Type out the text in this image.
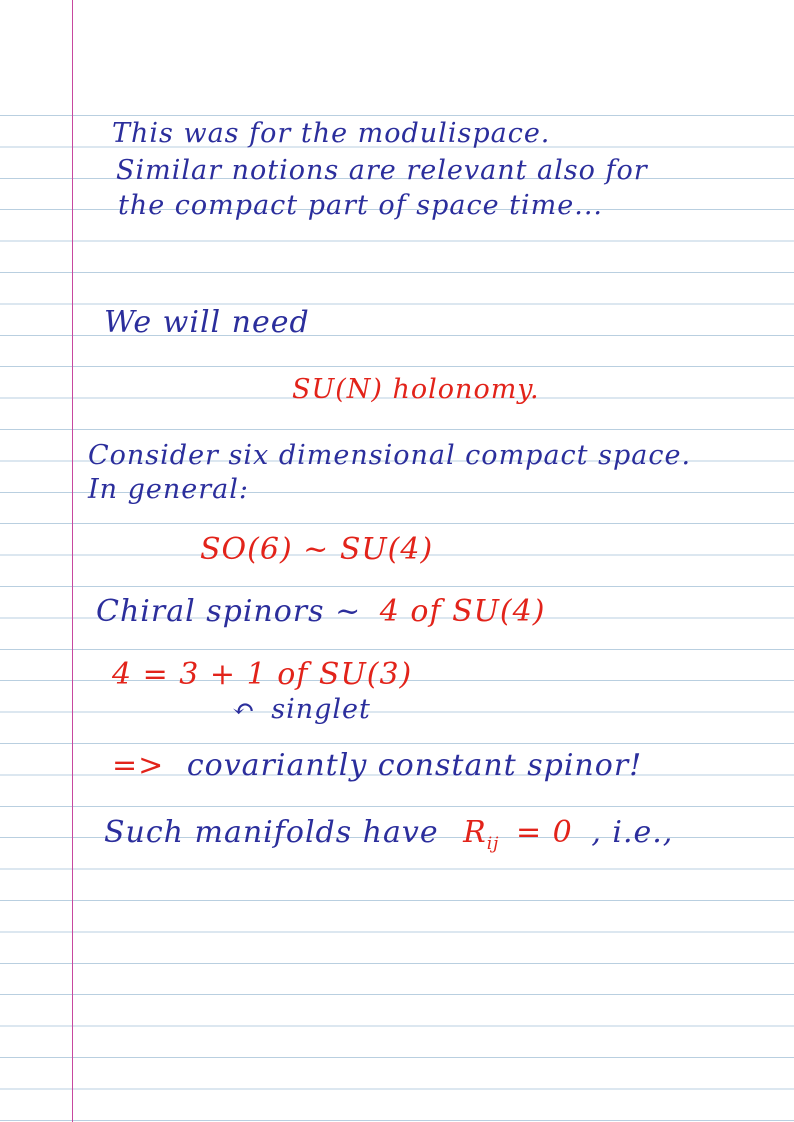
This was for the modulispace.
Similar notions are relevant also for
the compact part of space time...
We will need
SU(N) holonomy.
Consider six dimensional compact space.
In general:
SO(6) ~ SU(4)
Chiral spinors ~ 4 of SU(4)
4 = 3 + 1 of SU(3)
↶ singlet
=> covariantly constant spinor!
Such manifolds have $R_{ij} = 0$ , i.e.,
